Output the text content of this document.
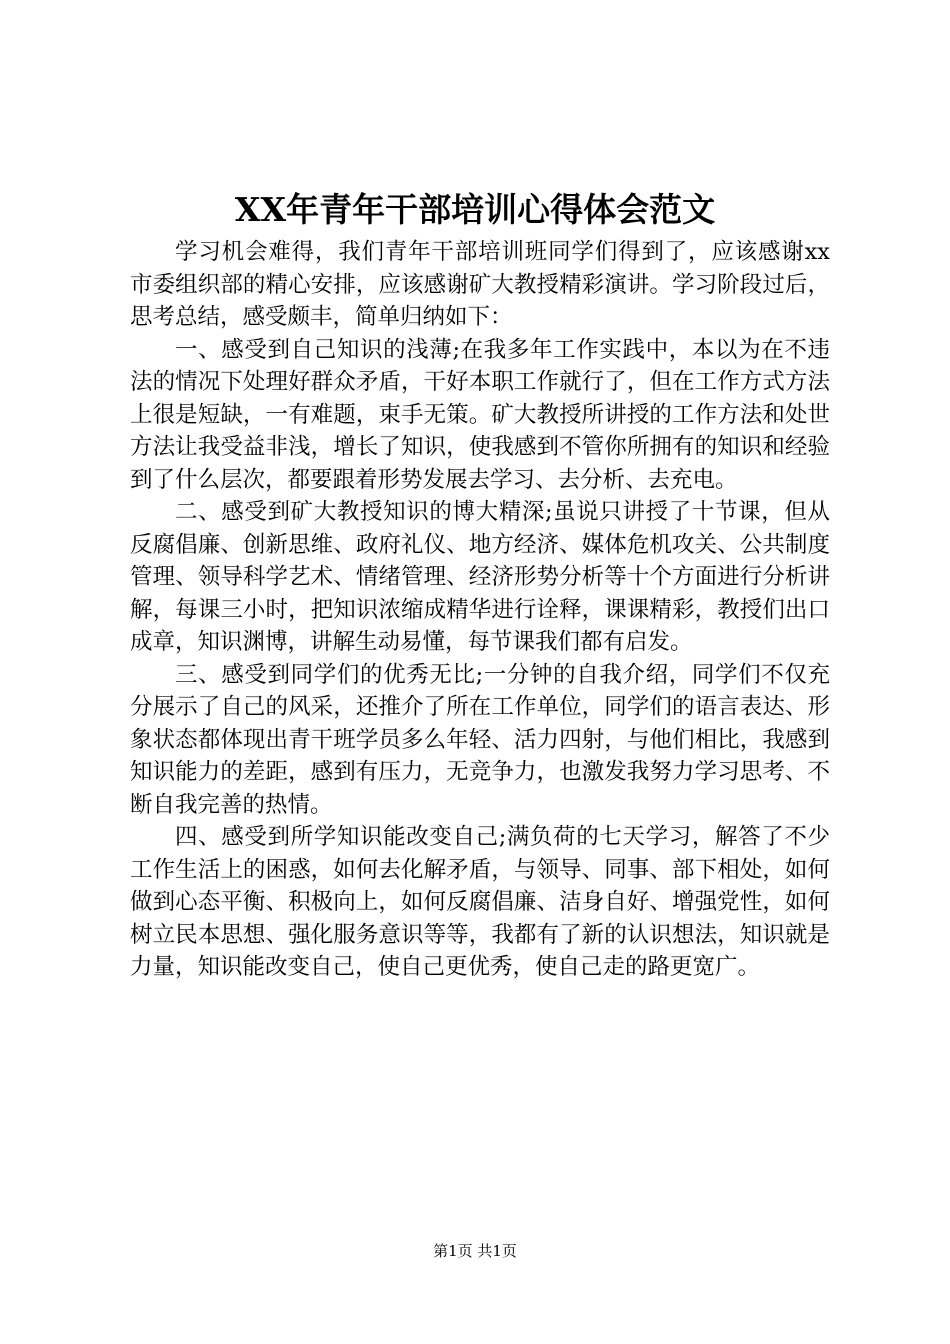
XX年青年干部培训心得体会范文

学习机会难得，我们青年干部培训班同学们得到了，应该感谢xx市委组织部的精心安排，应该感谢矿大教授精彩演讲。学习阶段过后，思考总结，感受颇丰，简单归纳如下：

一、感受到自己知识的浅薄;在我多年工作实践中，本以为在不违法的情况下处理好群众矛盾，干好本职工作就行了，但在工作方式方法上很是短缺，一有难题，束手无策。矿大教授所讲授的工作方法和处世方法让我受益非浅，增长了知识，使我感到不管你所拥有的知识和经验到了什么层次，都要跟着形势发展去学习、去分析、去充电。

二、感受到矿大教授知识的博大精深;虽说只讲授了十节课，但从反腐倡廉、创新思维、政府礼仪、地方经济、媒体危机攻关、公共制度管理、领导科学艺术、情绪管理、经济形势分析等十个方面进行分析讲解，每课三小时，把知识浓缩成精华进行诠释，课课精彩，教授们出口成章，知识渊博，讲解生动易懂，每节课我们都有启发。

三、感受到同学们的优秀无比;一分钟的自我介绍，同学们不仅充分展示了自己的风采，还推介了所在工作单位，同学们的语言表达、形象状态都体现出青干班学员多么年轻、活力四射，与他们相比，我感到知识能力的差距，感到有压力，无竞争力，也激发我努力学习思考、不断自我完善的热情。

四、感受到所学知识能改变自己;满负荷的七天学习，解答了不少工作生活上的困惑，如何去化解矛盾，与领导、同事、部下相处，如何做到心态平衡、积极向上，如何反腐倡廉、洁身自好、增强党性，如何树立民本思想、强化服务意识等等，我都有了新的认识想法，知识就是力量，知识能改变自己，使自己更优秀，使自己走的路更宽广。

第1页 共1页
